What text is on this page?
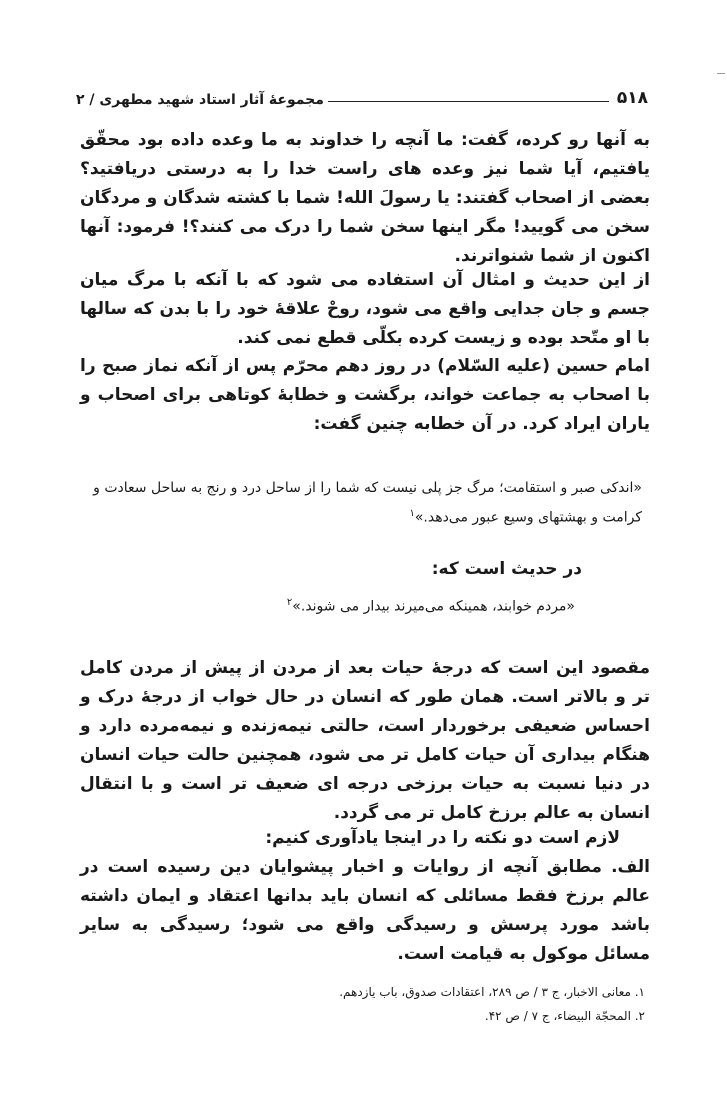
۵۱۸
مجموعهٔ آثار استاد شهید مطهری / ۲

به آنها رو کرده، گفت: ما آنچه را خداوند به ما وعده داده بود محقّق یافتیم، آیا شما نیز وعده های راست خدا را به درستی دریافتید؟ بعضی از اصحاب گفتند: یا رسولَ الله! شما با کشته شدگان و مردگان سخن می گویید! مگر اینها سخن شما را درک می کنند؟! فرمود: آنها اکنون از شما شنواترند.

از این حدیث و امثال آن استفاده می شود که با آنکه با مرگ میان جسم و جان جدایی واقع می شود، روحْ علاقهٔ خود را با بدن که سالها با او متّحد بوده و زیست کرده بکلّی قطع نمی کند.

امام حسین (علیه السّلام) در روز دهم محرّم پس از آنکه نماز صبح را با اصحاب به جماعت خواند، برگشت و خطابهٔ کوتاهی برای اصحاب و یاران ایراد کرد. در آن خطابه چنین گفت:

«اندکی صبر و استقامت؛ مرگ جز پلی نیست که شما را از ساحل درد و رنج به ساحل سعادت و کرامت و بهشتهای وسیع عبور می‌دهد.»$^۱$

در حدیث است که:
«مردم خوابند، همینکه می‌میرند بیدار می شوند.»$^۲$

مقصود این است که درجهٔ حیات بعد از مردن از پیش از مردن کامل تر و بالاتر است. همان طور که انسان در حال خواب از درجهٔ درک و احساس ضعیفی برخوردار است، حالتی نیمه‌زنده و نیمه‌مرده دارد و هنگام بیداری آن حیات کامل تر می شود، همچنین حالت حیات انسان در دنیا نسبت به حیات برزخی درجه ای ضعیف تر است و با انتقال انسان به عالم برزخ کامل تر می گردد.

لازم است دو نکته را در اینجا یادآوری کنیم:

الف. مطابق آنچه از روایات و اخبار پیشوایان دین رسیده است در عالم برزخ فقط مسائلی که انسان باید بدانها اعتقاد و ایمان داشته باشد مورد پرسش و رسیدگی واقع می شود؛ رسیدگی به سایر مسائل موکول به قیامت است.

۱. معانی الاخبار، ج ۳ / ص ۲۸۹، اعتقادات صدوق، باب یازدهم.
۲. المحجّة البیضاء، ج ۷ / ص ۴۲.
